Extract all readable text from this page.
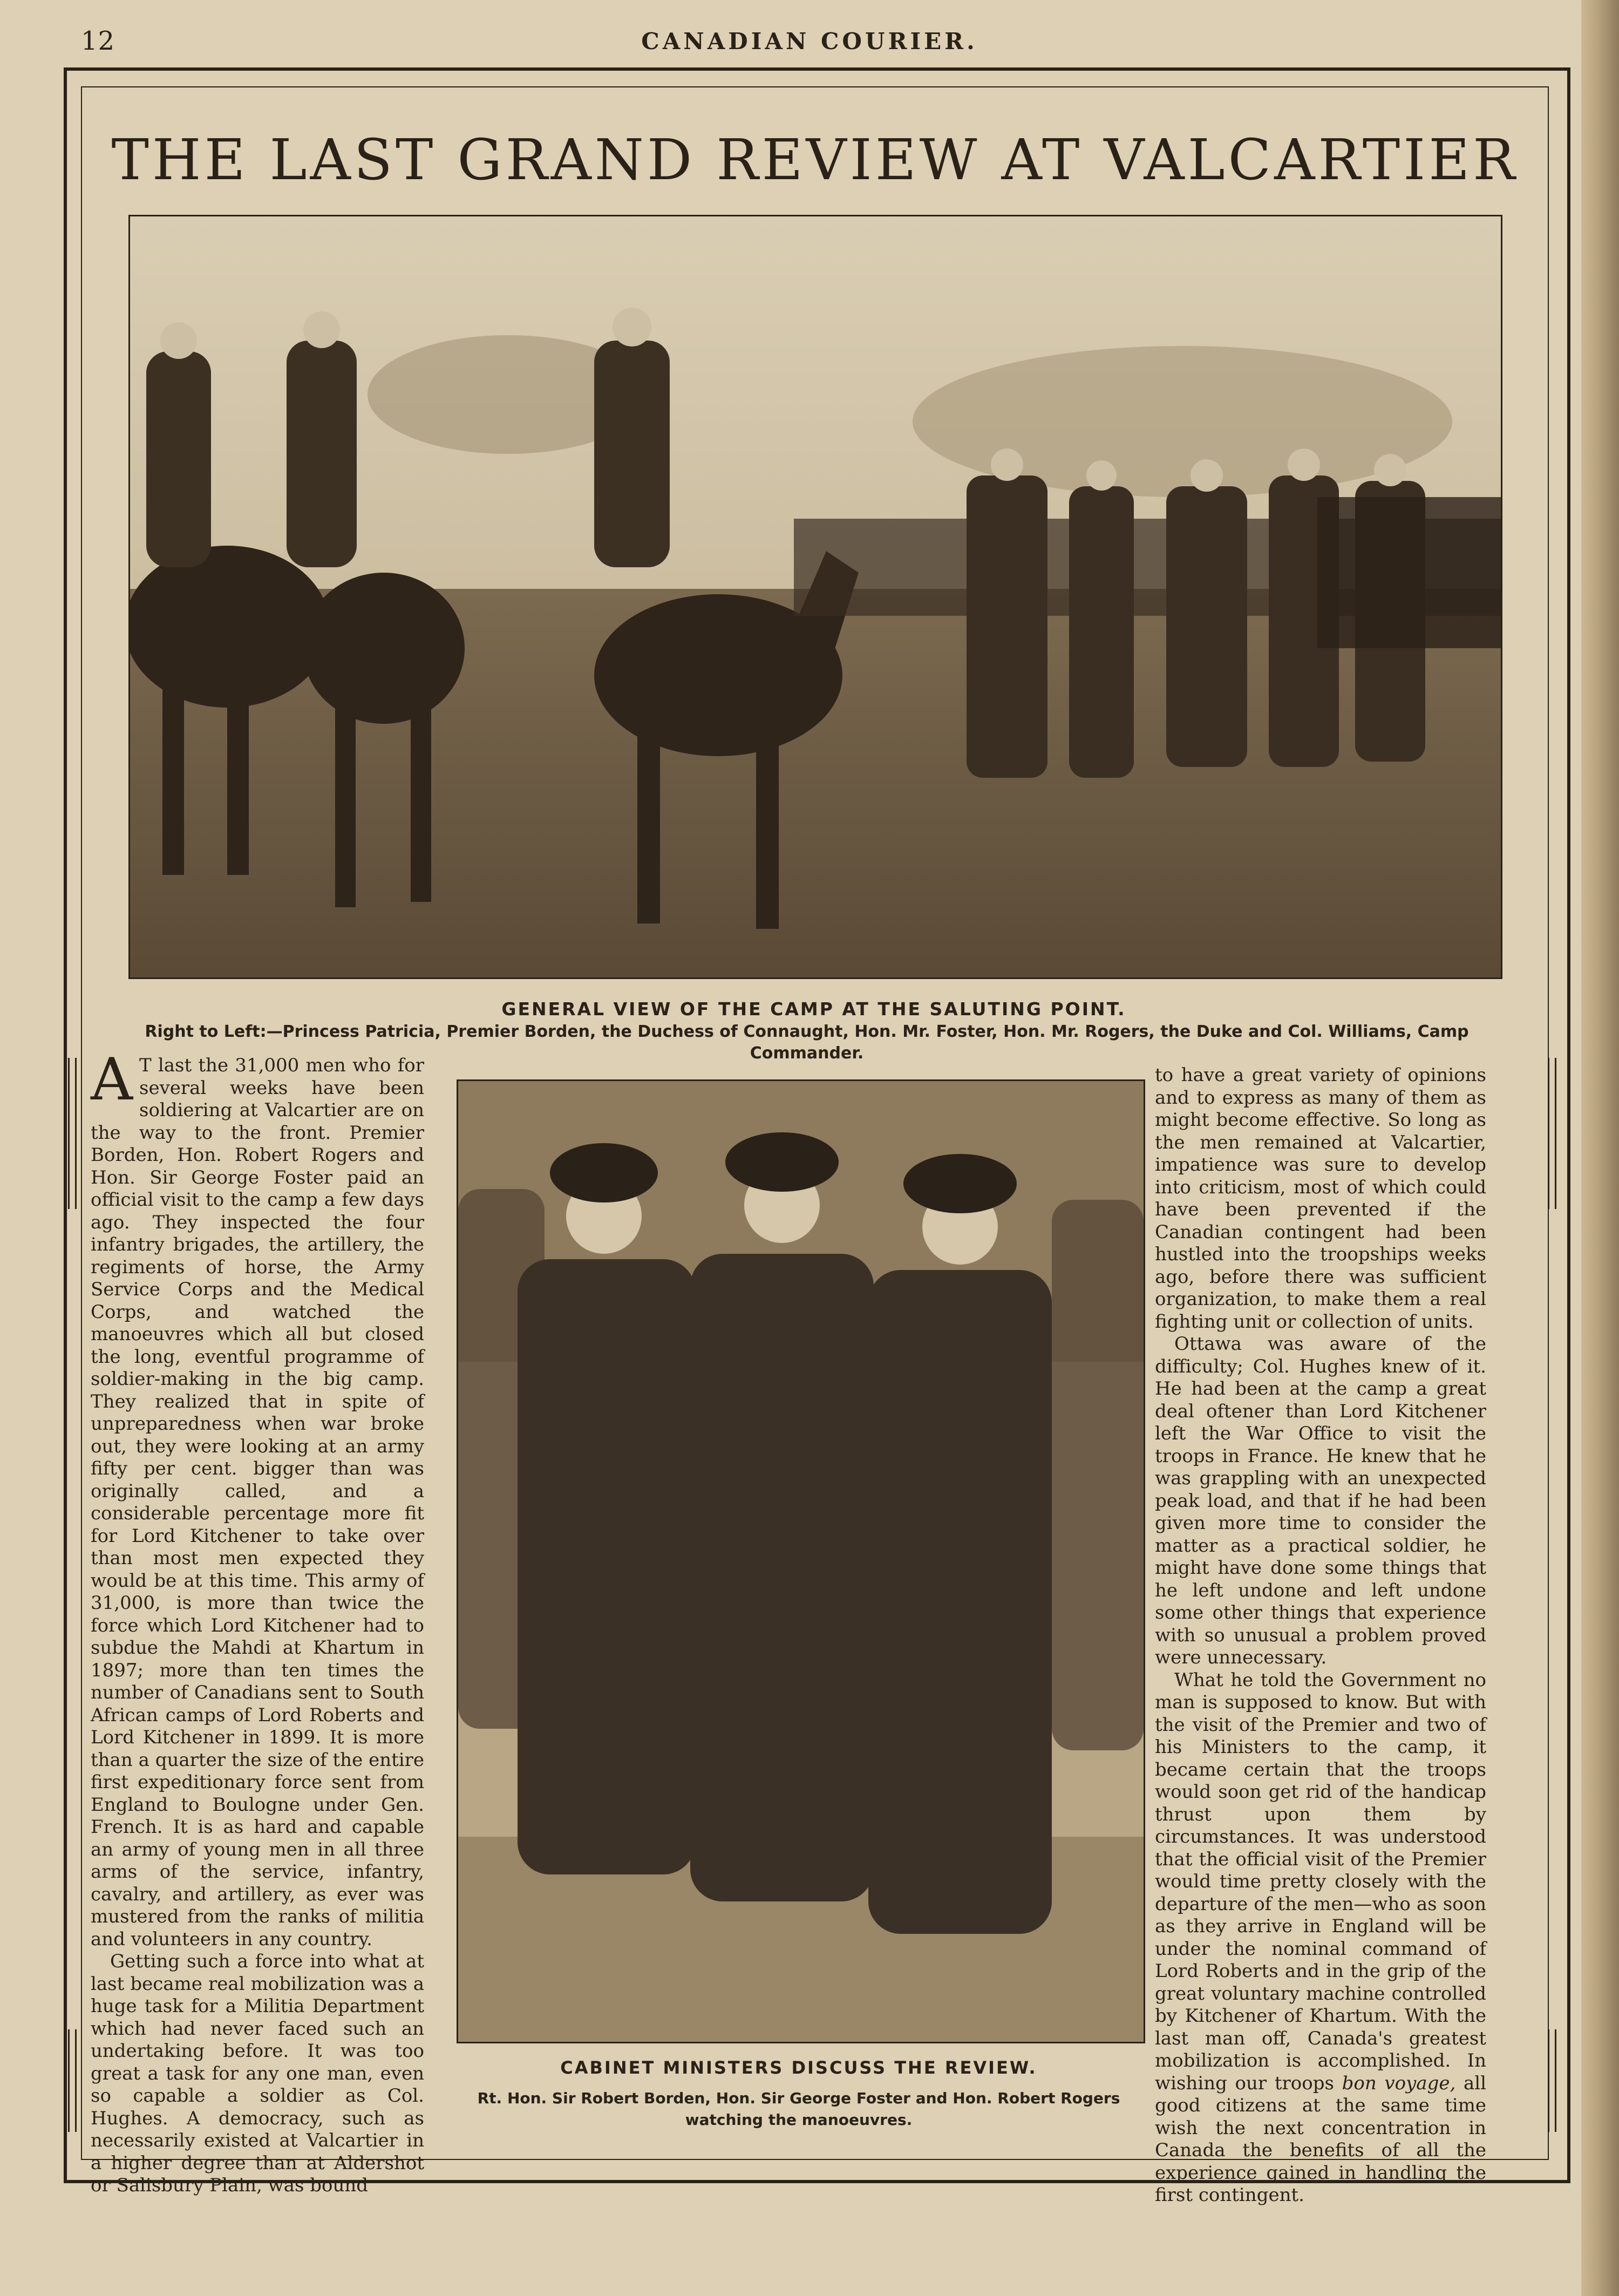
12	CANADIAN COURIER.
THE LAST GRAND REVIEW AT VALCARTIER
GENERAL VIEW OF THE CAMP AT THE SALUTING POINT.
Right to Left:—Princess Patricia, Premier Borden, the Duchess of Connaught, Hon. Mr. Foster, Hon. Mr. Rogers, the Duke and Col. Williams, Camp Commander.
CABINET MINISTERS DISCUSS THE REVIEW.
Rt. Hon. Sir Robert Borden, Hon. Sir George Foster and Hon. Robert Rogers watching the manoeuvres.

A T last the 31,000 men who for several weeks have been soldiering at Valcartier are on the way to the front. Premier Borden, Hon. Robert Rogers and Hon. Sir George Foster paid an official visit to the camp a few days ago. They inspected the four infantry brigades, the artillery, the regiments of horse, the Army Service Corps and the Medical Corps, and watched the manoeuvres which all but closed the long, eventful programme of soldier-making in the big camp. They realized that in spite of unpreparedness when war broke out, they were looking at an army fifty per cent. bigger than was originally called, and a considerable percentage more fit for Lord Kitchener to take over than most men expected they would be at this time. This army of 31,000, is more than twice the force which Lord Kitchener had to subdue the Mahdi at Khartum in 1897; more than ten times the number of Canadians sent to South African camps of Lord Roberts and Lord Kitchener in 1899. It is more than a quarter the size of the entire first expeditionary force sent from England to Boulogne under Gen. French. It is as hard and capable an army of young men in all three arms of the service, infantry, cavalry, and artillery, as ever was mustered from the ranks of militia and volunteers in any country.

Getting such a force into what at last became real mobilization was a huge task for a Militia Department which had never faced such an undertaking before. It was too great a task for any one man, even so capable a soldier as Col. Hughes. A democracy, such as necessarily existed at Valcartier in a higher degree than at Aldershot or Salisbury Plain, was bound

to have a great variety of opinions and to express as many of them as might become effective. So long as the men remained at Valcartier, impatience was sure to develop into criticism, most of which could have been prevented if the Canadian contingent had been hustled into the troopships weeks ago, before there was sufficient organization, to make them a real fighting unit or collection of units.

Ottawa was aware of the difficulty; Col. Hughes knew of it. He had been at the camp a great deal oftener than Lord Kitchener left the War Office to visit the troops in France. He knew that he was grappling with an unexpected peak load, and that if he had been given more time to consider the matter as a practical soldier, he might have done some things that he left undone and left undone some other things that experience with so unusual a problem proved were unnecessary.

What he told the Government no man is supposed to know. But with the visit of the Premier and two of his Ministers to the camp, it became certain that the troops would soon get rid of the handicap thrust upon them by circumstances. It was understood that the official visit of the Premier would time pretty closely with the departure of the men—who as soon as they arrive in England will be under the nominal command of Lord Roberts and in the grip of the great voluntary machine controlled by Kitchener of Khartum. With the last man off, Canada's greatest mobilization is accomplished. In wishing our troops bon voyage, all good citizens at the same time wish the next concentration in Canada the benefits of all the experience gained in handling the first contingent.
